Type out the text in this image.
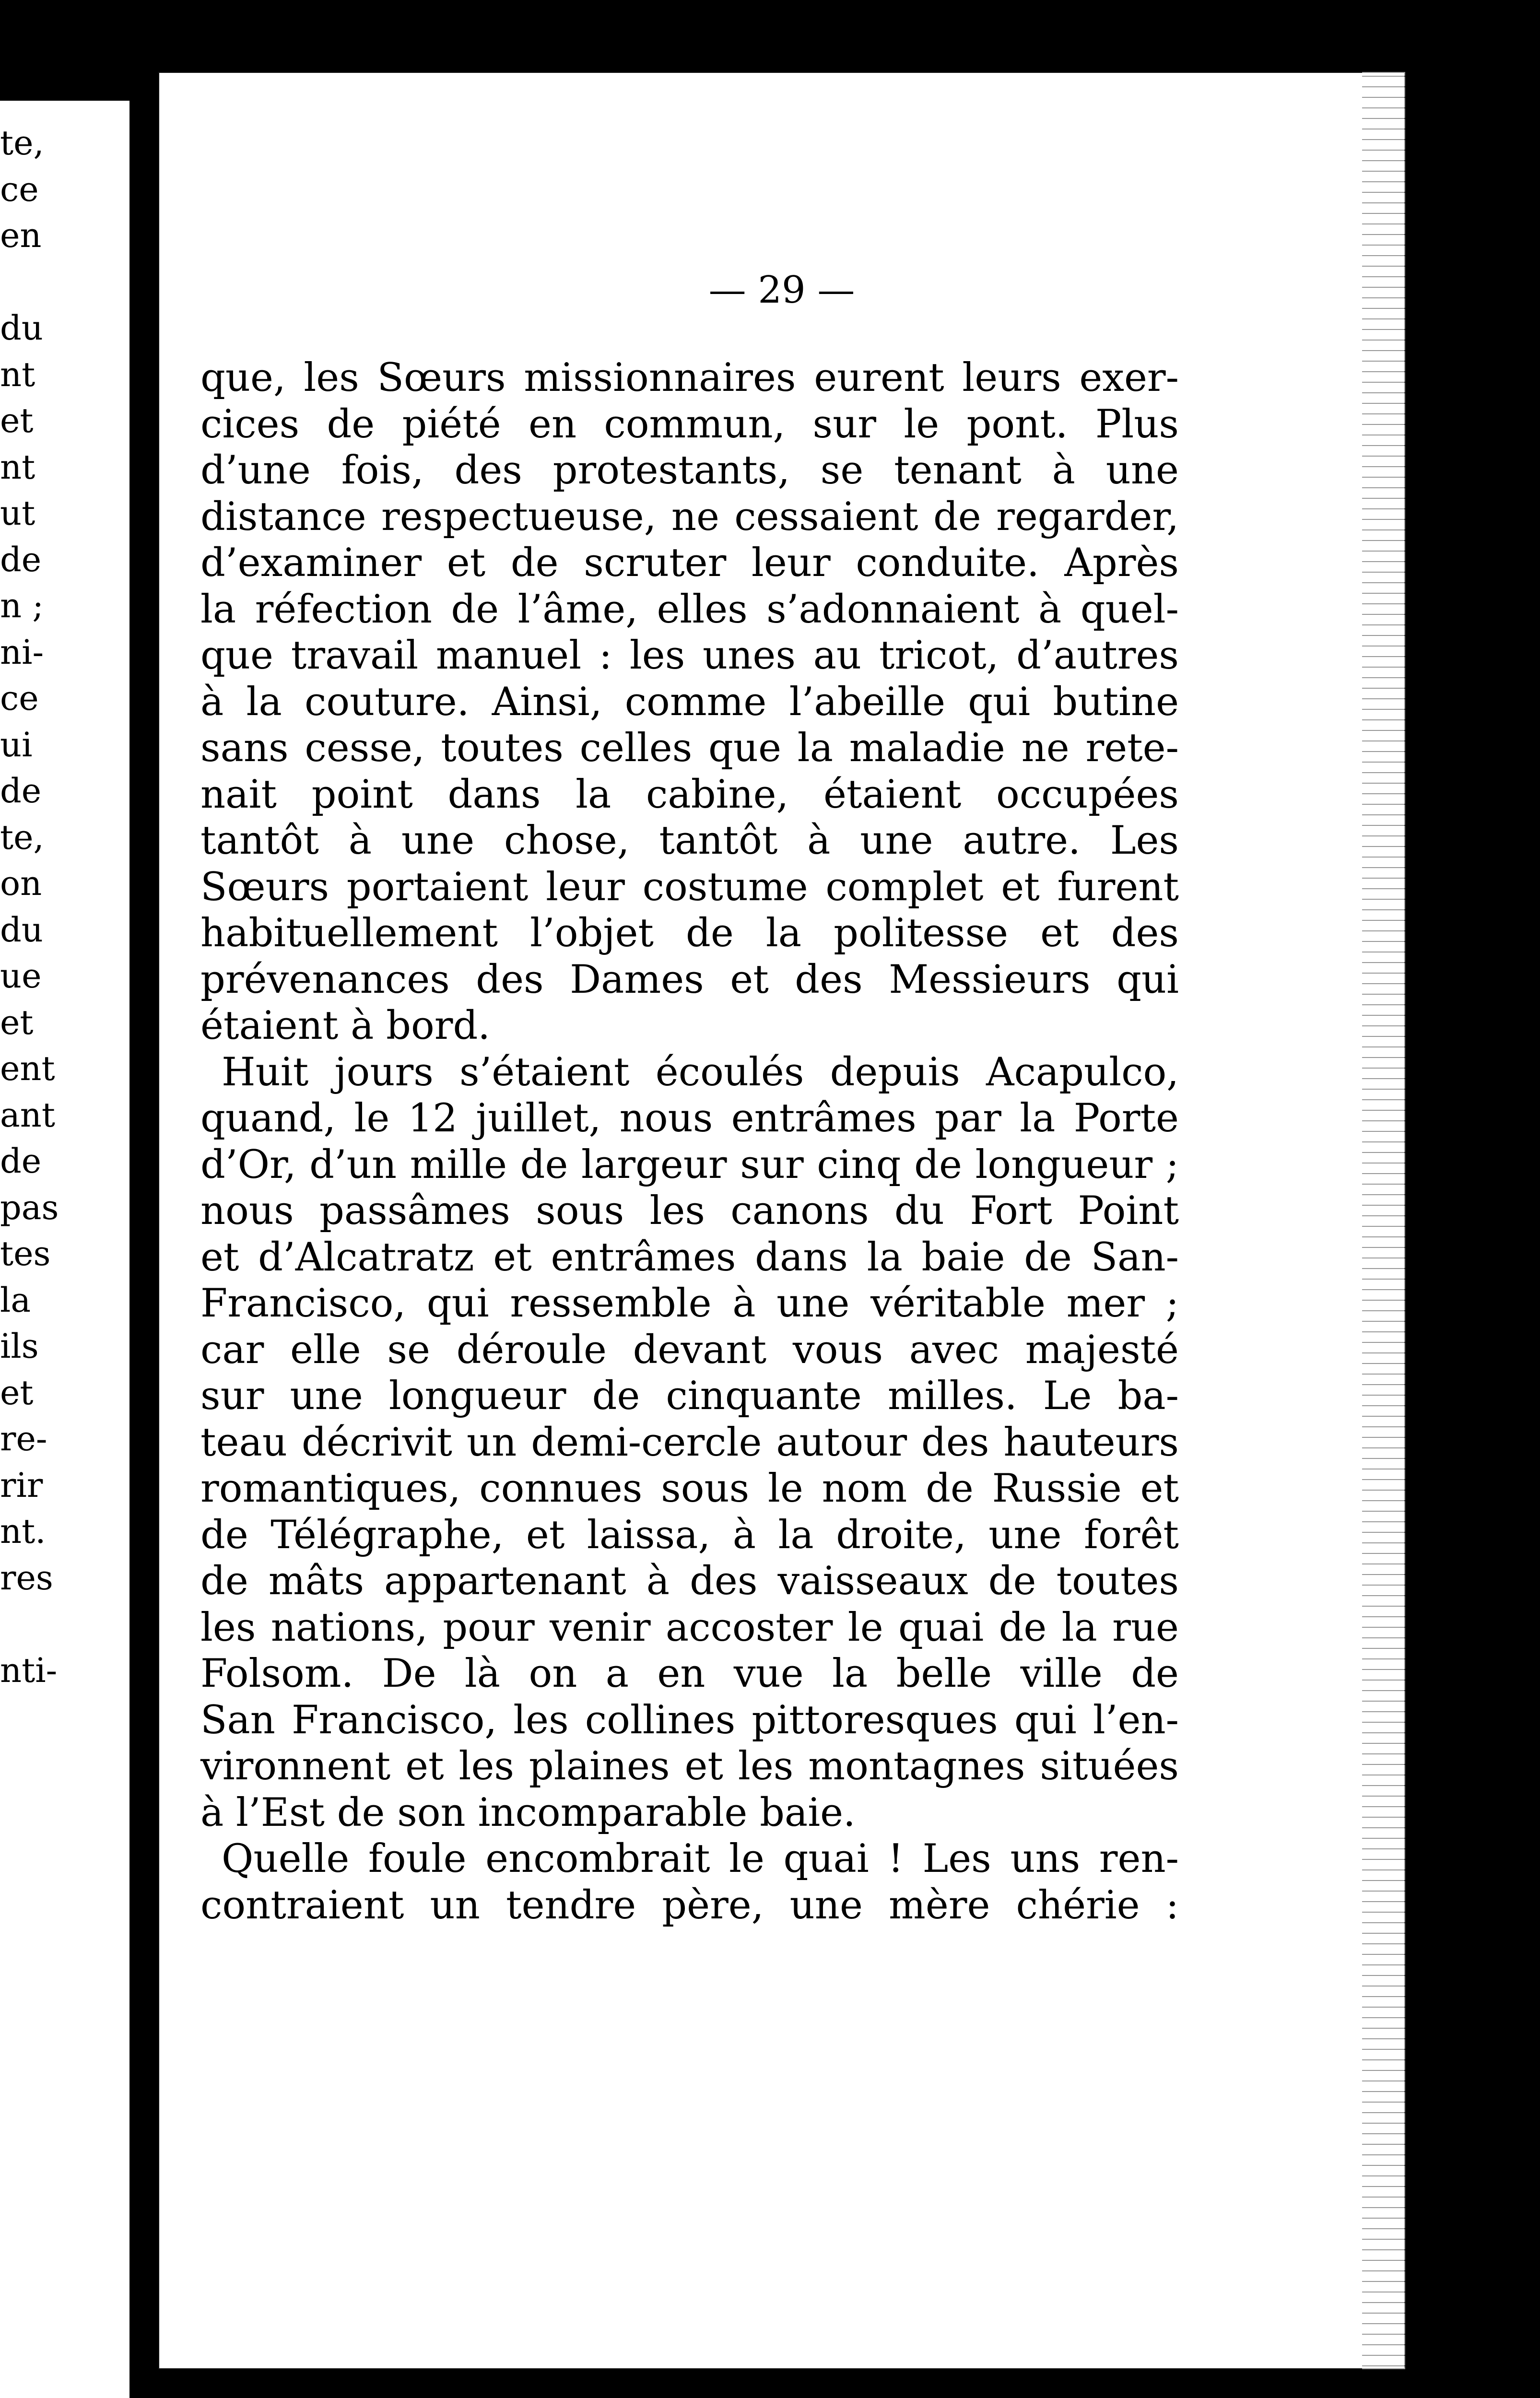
te,
ce
en
du
nt
et
nt
ut
de
n ;
ni-
ce
ui
de
te,
on
du
ue
et
ent
ant
de
pas
tes
la
ils
et
re-
rir
nt.
res
nti-
— 29 —
que, les Sœurs missionnaires eurent leurs exer-
cices de piété en commun, sur le pont. Plus
d’une fois, des protestants, se tenant à une
distance respectueuse, ne cessaient de regarder,
d’examiner et de scruter leur conduite. Après
la réfection de l’âme, elles s’adonnaient à quel-
que travail manuel : les unes au tricot, d’autres
à la couture. Ainsi, comme l’abeille qui butine
sans cesse, toutes celles que la maladie ne rete-
nait point dans la cabine, étaient occupées
tantôt à une chose, tantôt à une autre. Les
Sœurs portaient leur costume complet et furent
habituellement l’objet de la politesse et des
prévenances des Dames et des Messieurs qui
étaient à bord.
Huit jours s’étaient écoulés depuis Acapulco,
quand, le 12 juillet, nous entrâmes par la Porte
d’Or, d’un mille de largeur sur cinq de longueur ;
nous passâmes sous les canons du Fort Point
et d’Alcatratz et entrâmes dans la baie de San-
Francisco, qui ressemble à une véritable mer ;
car elle se déroule devant vous avec majesté
sur une longueur de cinquante milles. Le ba-
teau décrivit un demi-cercle autour des hauteurs
romantiques, connues sous le nom de Russie et
de Télégraphe, et laissa, à la droite, une forêt
de mâts appartenant à des vaisseaux de toutes
les nations, pour venir accoster le quai de la rue
Folsom. De là on a en vue la belle ville de
San Francisco, les collines pittoresques qui l’en-
vironnent et les plaines et les montagnes situées
à l’Est de son incomparable baie.
Quelle foule encombrait le quai ! Les uns ren-
contraient un tendre père, une mère chérie :
